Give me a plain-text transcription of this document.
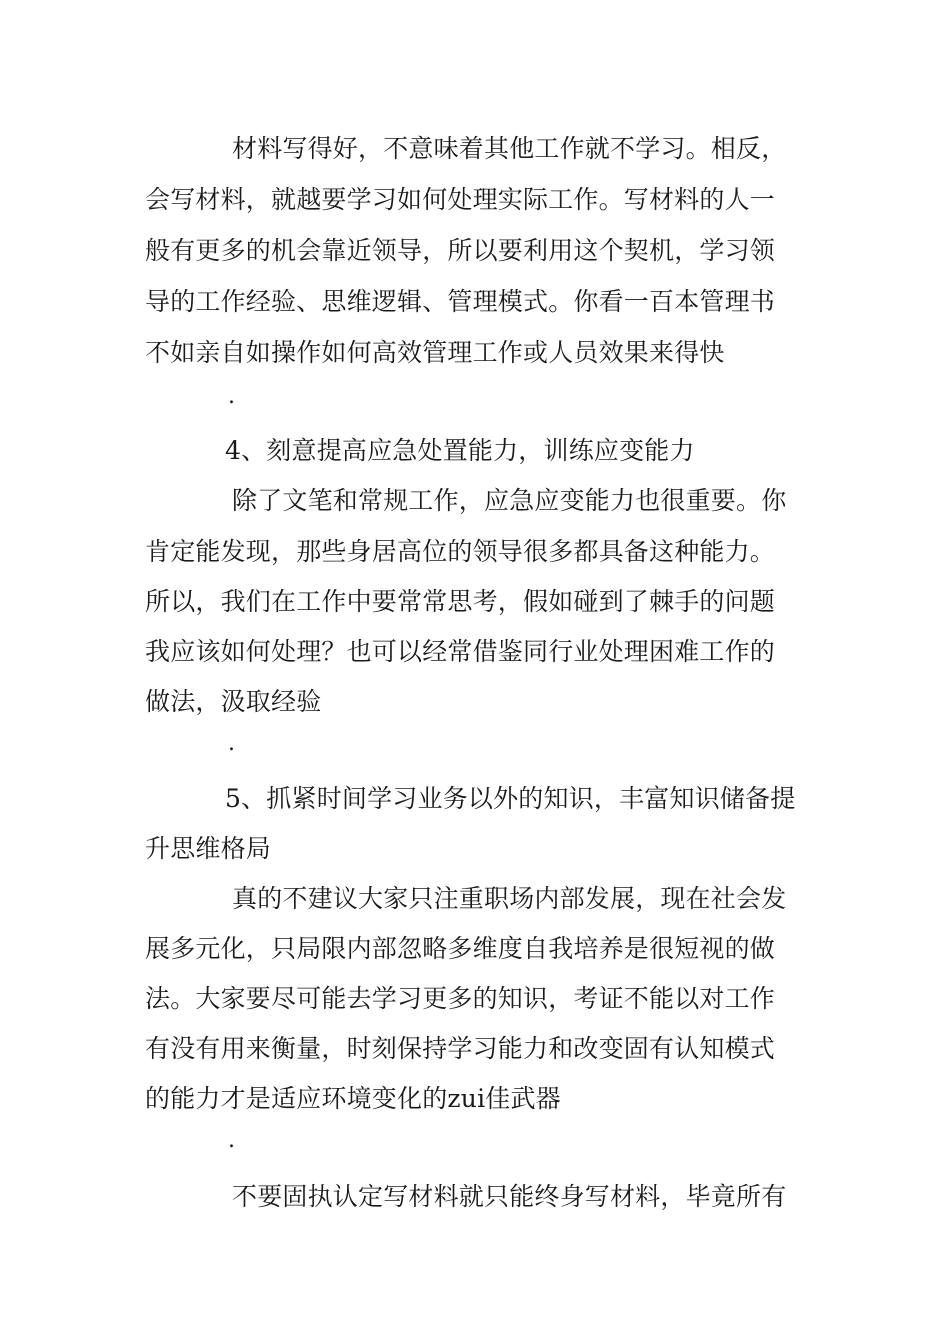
材料写得好，不意味着其他工作就不学习。相反，
会写材料，就越要学习如何处理实际工作。写材料的人一
般有更多的机会靠近领导，所以要利用这个契机，学习领
导的工作经验、思维逻辑、管理模式。你看一百本管理书
不如亲自如操作如何高效管理工作或人员效果来得快
.
4、刻意提高应急处置能力，训练应变能力
除了文笔和常规工作，应急应变能力也很重要。你
肯定能发现，那些身居高位的领导很多都具备这种能力。
所以，我们在工作中要常常思考，假如碰到了棘手的问题
我应该如何处理？也可以经常借鉴同行业处理困难工作的
做法，汲取经验
.
5、抓紧时间学习业务以外的知识，丰富知识储备提
升思维格局
真的不建议大家只注重职场内部发展，现在社会发
展多元化，只局限内部忽略多维度自我培养是很短视的做
法。大家要尽可能去学习更多的知识，考证不能以对工作
有没有用来衡量，时刻保持学习能力和改变固有认知模式
的能力才是适应环境变化的zui佳武器
.
不要固执认定写材料就只能终身写材料，毕竟所有
